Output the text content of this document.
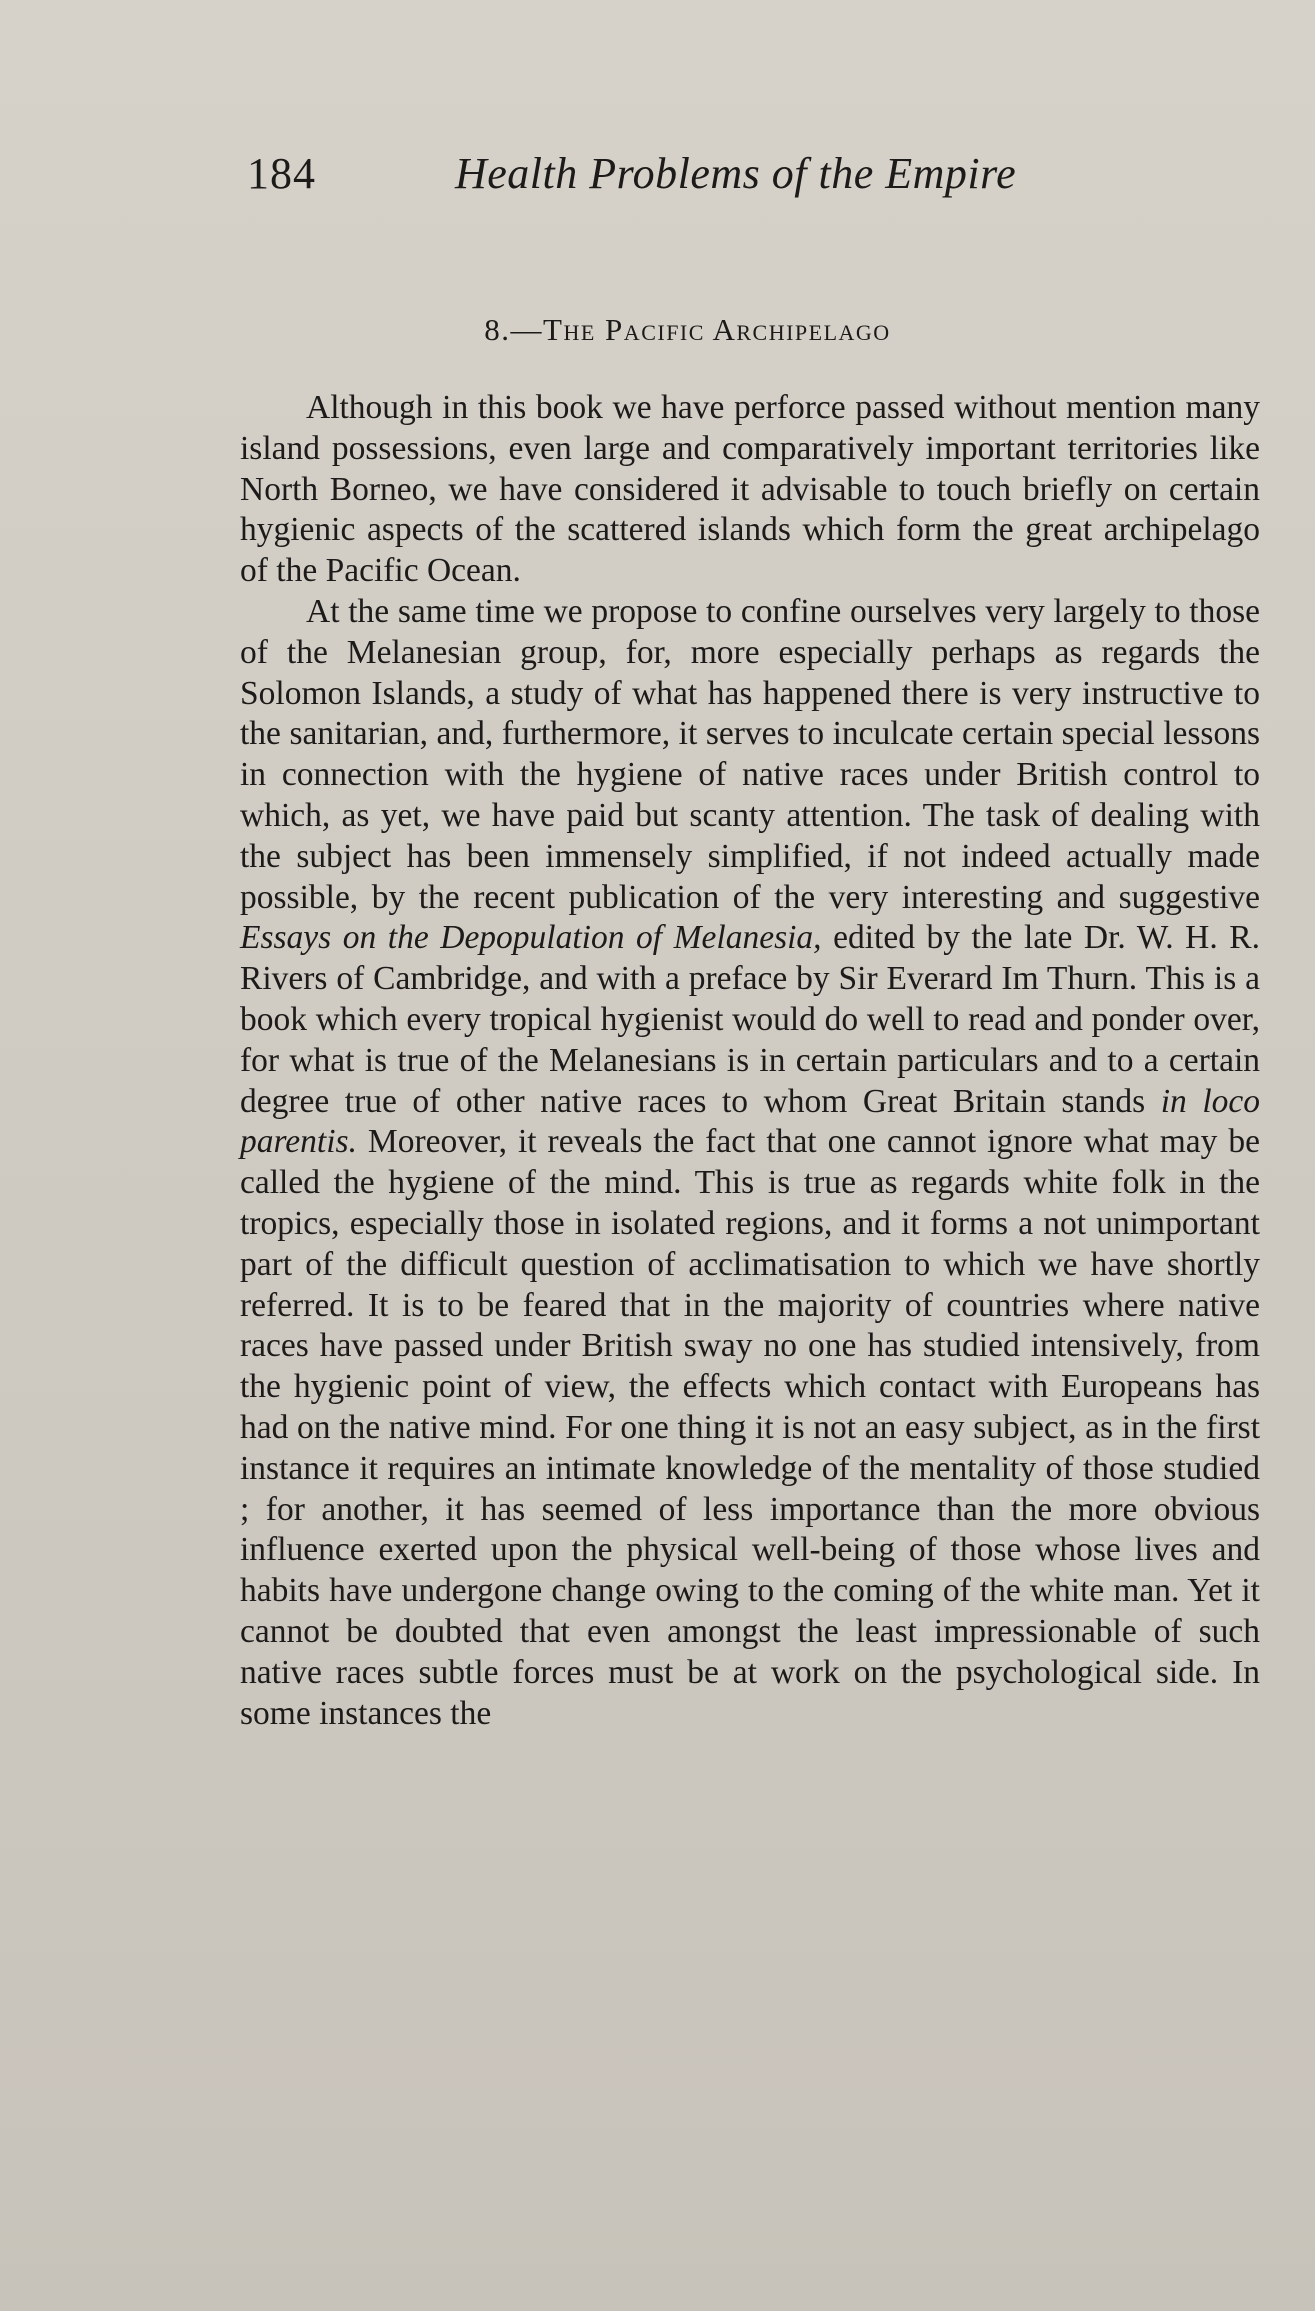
184	Health Problems of the Empire
8.—The Pacific Archipelago

Although in this book we have perforce passed without mention many island possessions, even large and comparatively important territories like North Borneo, we have considered it advisable to touch briefly on certain hygienic aspects of the scattered islands which form the great archipelago of the Pacific Ocean.

At the same time we propose to confine ourselves very largely to those of the Melanesian group, for, more especially perhaps as regards the Solomon Islands, a study of what has happened there is very instructive to the sanitarian, and, furthermore, it serves to inculcate certain special lessons in connection with the hygiene of native races under British control to which, as yet, we have paid but scanty attention. The task of dealing with the subject has been immensely simplified, if not indeed actually made possible, by the recent publication of the very interesting and suggestive Essays on the Depopulation of Melanesia, edited by the late Dr. W. H. R. Rivers of Cambridge, and with a preface by Sir Everard Im Thurn. This is a book which every tropical hygienist would do well to read and ponder over, for what is true of the Melanesians is in certain particulars and to a certain degree true of other native races to whom Great Britain stands in loco parentis. Moreover, it reveals the fact that one cannot ignore what may be called the hygiene of the mind. This is true as regards white folk in the tropics, especially those in isolated regions, and it forms a not unimportant part of the difficult question of acclimatisation to which we have shortly referred. It is to be feared that in the majority of countries where native races have passed under British sway no one has studied intensively, from the hygienic point of view, the effects which contact with Europeans has had on the native mind. For one thing it is not an easy subject, as in the first instance it requires an intimate knowledge of the mentality of those studied ; for another, it has seemed of less importance than the more obvious influence exerted upon the physical well-being of those whose lives and habits have undergone change owing to the coming of the white man. Yet it cannot be doubted that even amongst the least impressionable of such native races subtle forces must be at work on the psychological side. In some instances the
